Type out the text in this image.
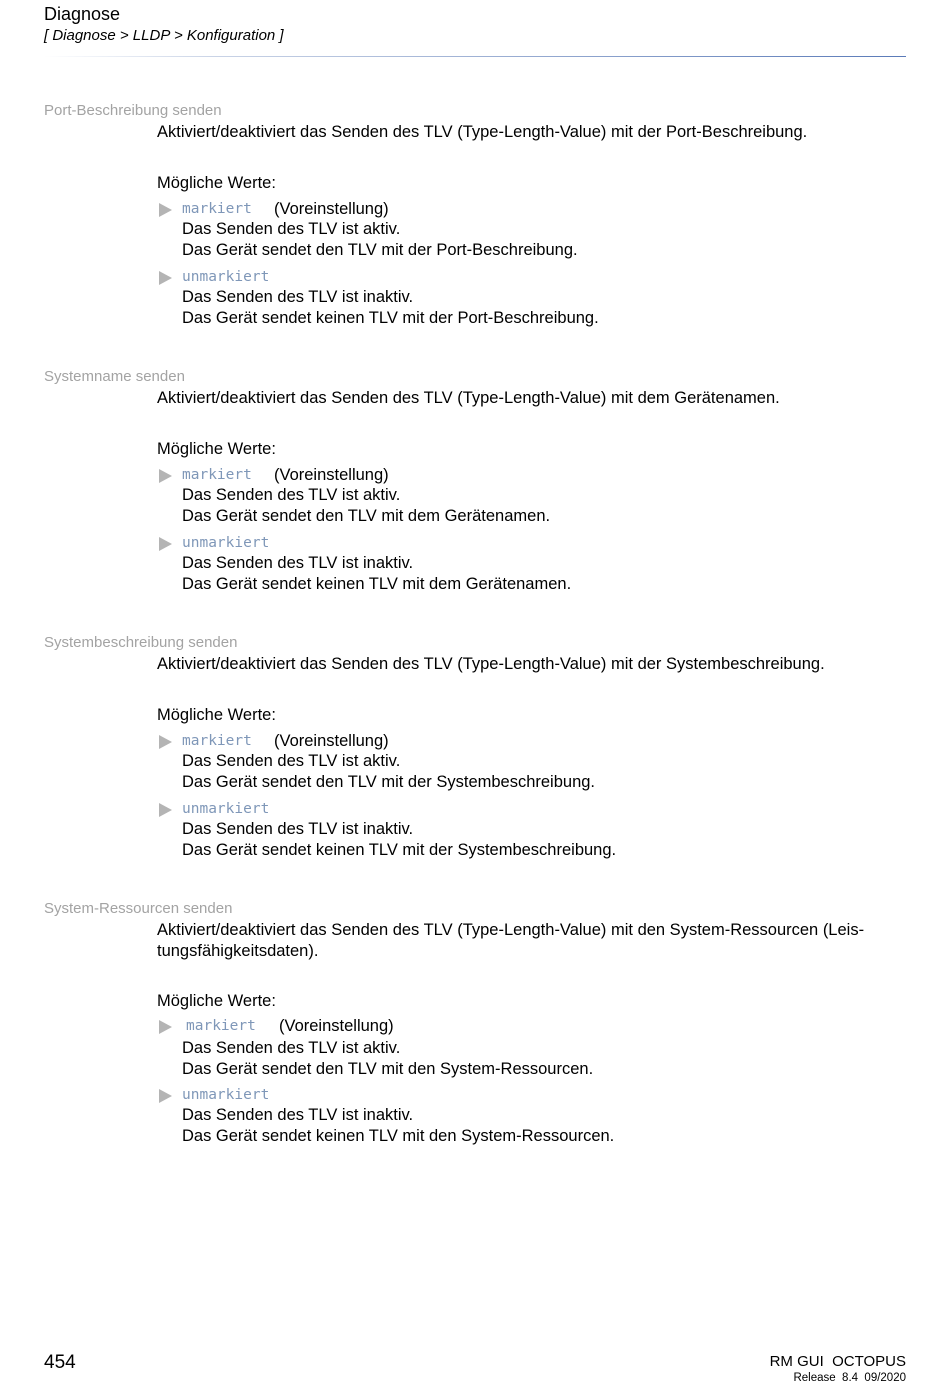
Diagnose
[ Diagnose > LLDP > Konfiguration ]
Port-Beschreibung senden
Aktiviert/deaktiviert das Senden des TLV (Type-Length-Value) mit der Port-Beschreibung.
Mögliche Werte:
markiert (Voreinstellung)
Das Senden des TLV ist aktiv.
Das Gerät sendet den TLV mit der Port-Beschreibung.
unmarkiert
Das Senden des TLV ist inaktiv.
Das Gerät sendet keinen TLV mit der Port-Beschreibung.
Systemname senden
Aktiviert/deaktiviert das Senden des TLV (Type-Length-Value) mit dem Gerätenamen.
Mögliche Werte:
markiert (Voreinstellung)
Das Senden des TLV ist aktiv.
Das Gerät sendet den TLV mit dem Gerätenamen.
unmarkiert
Das Senden des TLV ist inaktiv.
Das Gerät sendet keinen TLV mit dem Gerätenamen.
Systembeschreibung senden
Aktiviert/deaktiviert das Senden des TLV (Type-Length-Value) mit der Systembeschreibung.
Mögliche Werte:
markiert (Voreinstellung)
Das Senden des TLV ist aktiv.
Das Gerät sendet den TLV mit der Systembeschreibung.
unmarkiert
Das Senden des TLV ist inaktiv.
Das Gerät sendet keinen TLV mit der Systembeschreibung.
System-Ressourcen senden
Aktiviert/deaktiviert das Senden des TLV (Type-Length-Value) mit den System-Ressourcen (Leis-tungsfähigkeitsdaten).
Mögliche Werte:
markiert (Voreinstellung)
Das Senden des TLV ist aktiv.
Das Gerät sendet den TLV mit den System-Ressourcen.
unmarkiert
Das Senden des TLV ist inaktiv.
Das Gerät sendet keinen TLV mit den System-Ressourcen.
454	RM GUI  OCTOPUS
Release  8.4  09/2020
